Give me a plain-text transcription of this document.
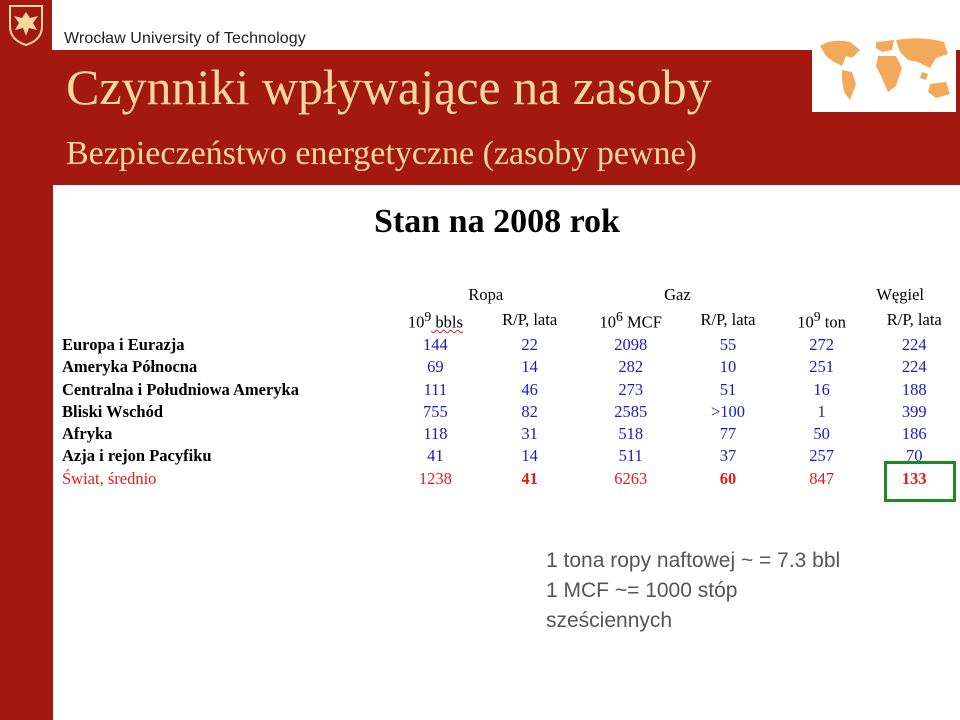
Wrocław University of Technology
Czynniki wpływające na zasoby
Bezpieczeństwo energetyczne (zasoby pewne)
Stan na 2008 rok
	Ropa		Gaz		Węgiel	
	$10^9$ bbls	R/P, lata	$10^6$ MCF	R/P, lata	$10^9$ ton	R/P, lata
Europa i Eurazja	144	22	2098	55	272	224
Ameryka Północna	69	14	282	10	251	224
Centralna i Południowa Ameryka	111	46	273	51	16	188
Bliski Wschód	755	82	2585	>100	1	399
Afryka	118	31	518	77	50	186
Azja i rejon Pacyfiku	41	14	511	37	257	70
Świat, średnio	1238	41	6263	60	847	133
1 tona ropy naftowej ~ = 7.3 bbl
1 MCF ~= 1000 stóp
sześciennych
